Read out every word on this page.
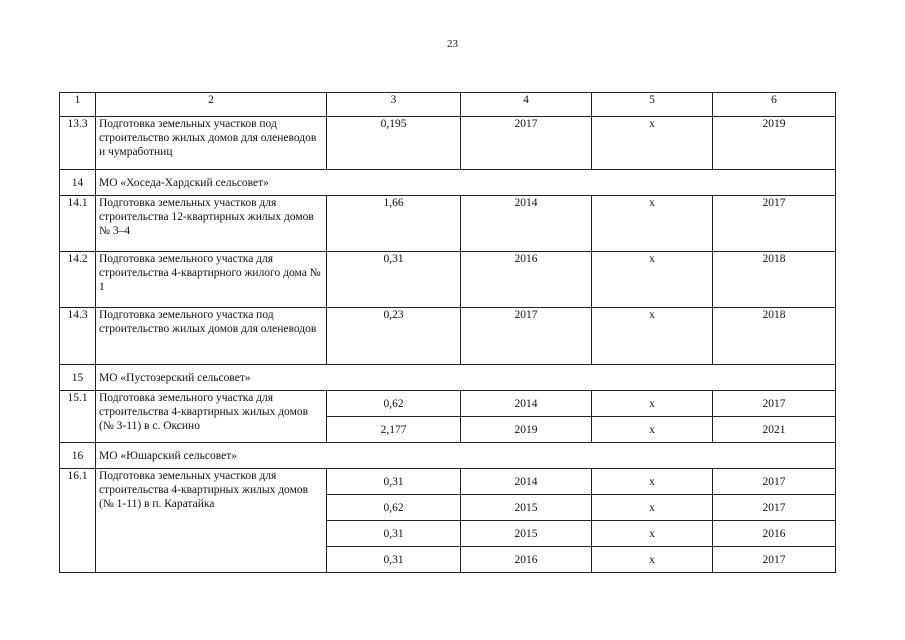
23
1	2	3	4	5	6
13.3	Подготовка земельных участков под строительство жилых домов для оленеводов и чумработниц	0,195	2017	х	2019
14	МО «Хоседа-Хардский сельсовет»				
14.1	Подготовка земельных участков для строительства 12-квартирных жилых домов № 3–4	1,66	2014	х	2017
14.2	Подготовка земельного участка для строительства 4-квартирного жилого дома № 1	0,31	2016	х	2018
14.3	Подготовка земельного участка под строительство жилых домов для оленеводов	0,23	2017	х	2018
15	МО «Пустозерский сельсовет»				
15.1	Подготовка земельного участка для строительства 4-квартирных жилых домов (№ 3-11) в с. Оксино	0,62	2014	х	2017
		2,177	2019	х	2021
16	МО «Юшарский сельсовет»				
16.1	Подготовка земельных участков для строительства 4-квартирных жилых домов (№ 1-11) в п. Каратайка	0,31	2014	х	2017
		0,62	2015	х	2017
		0,31	2015	х	2016
		0,31	2016	х	2017
